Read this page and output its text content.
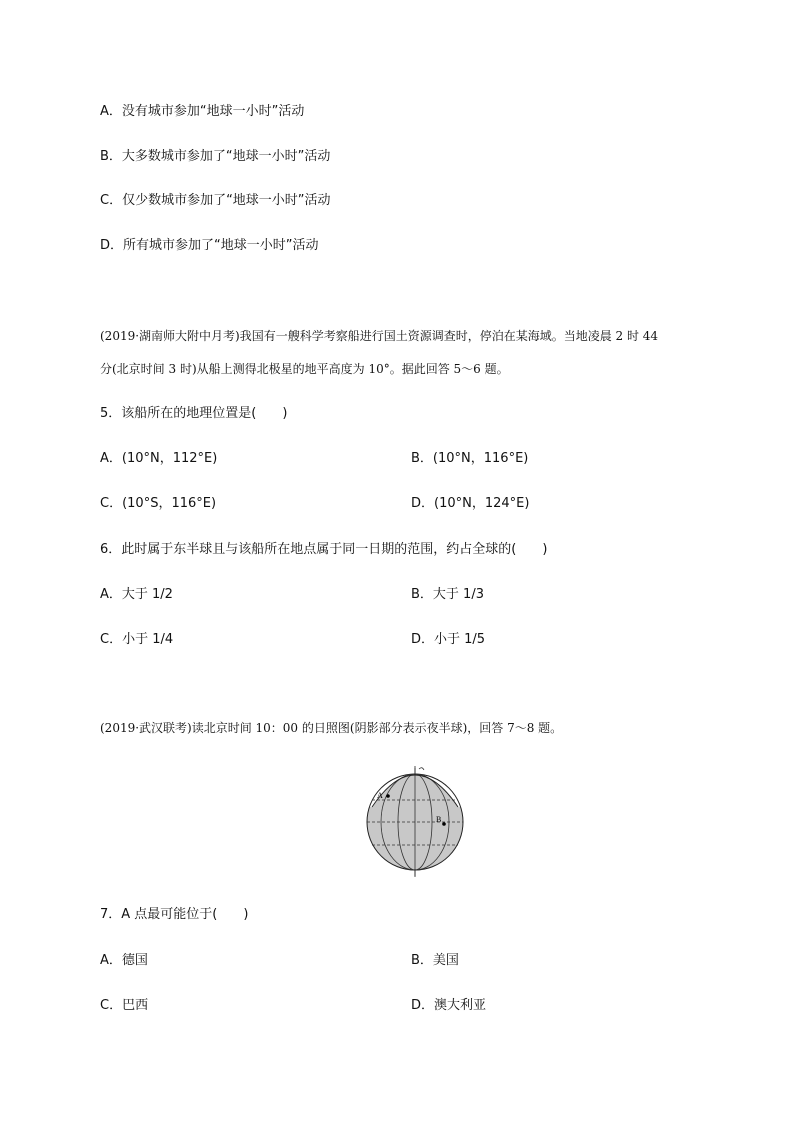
A．没有城市参加“地球一小时”活动
B．大多数城市参加了“地球一小时”活动
C．仅少数城市参加了“地球一小时”活动
D．所有城市参加了“地球一小时”活动
(2019·湖南师大附中月考)我国有一艘科学考察船进行国土资源调查时，停泊在某海域。当地凌晨 2 时 44
分(北京时间 3 时)从船上测得北极星的地平高度为 10°。据此回答 5～6 题。
5．该船所在的地理位置是(　　)
A．(10°N，112°E)	B．(10°N，116°E)
C．(10°S，116°E)	D．(10°N，124°E)
6．此时属于东半球且与该船所在地点属于同一日期的范围，约占全球的(　　)
A．大于 1/2	B．大于 1/3
C．小于 1/4	D．小于 1/5
(2019·武汉联考)读北京时间 10：00 的日照图(阴影部分表示夜半球)，回答 7～8 题。
A
B
7．A 点最可能位于(　　)
A．德国	B．美国
C．巴西	D．澳大利亚
